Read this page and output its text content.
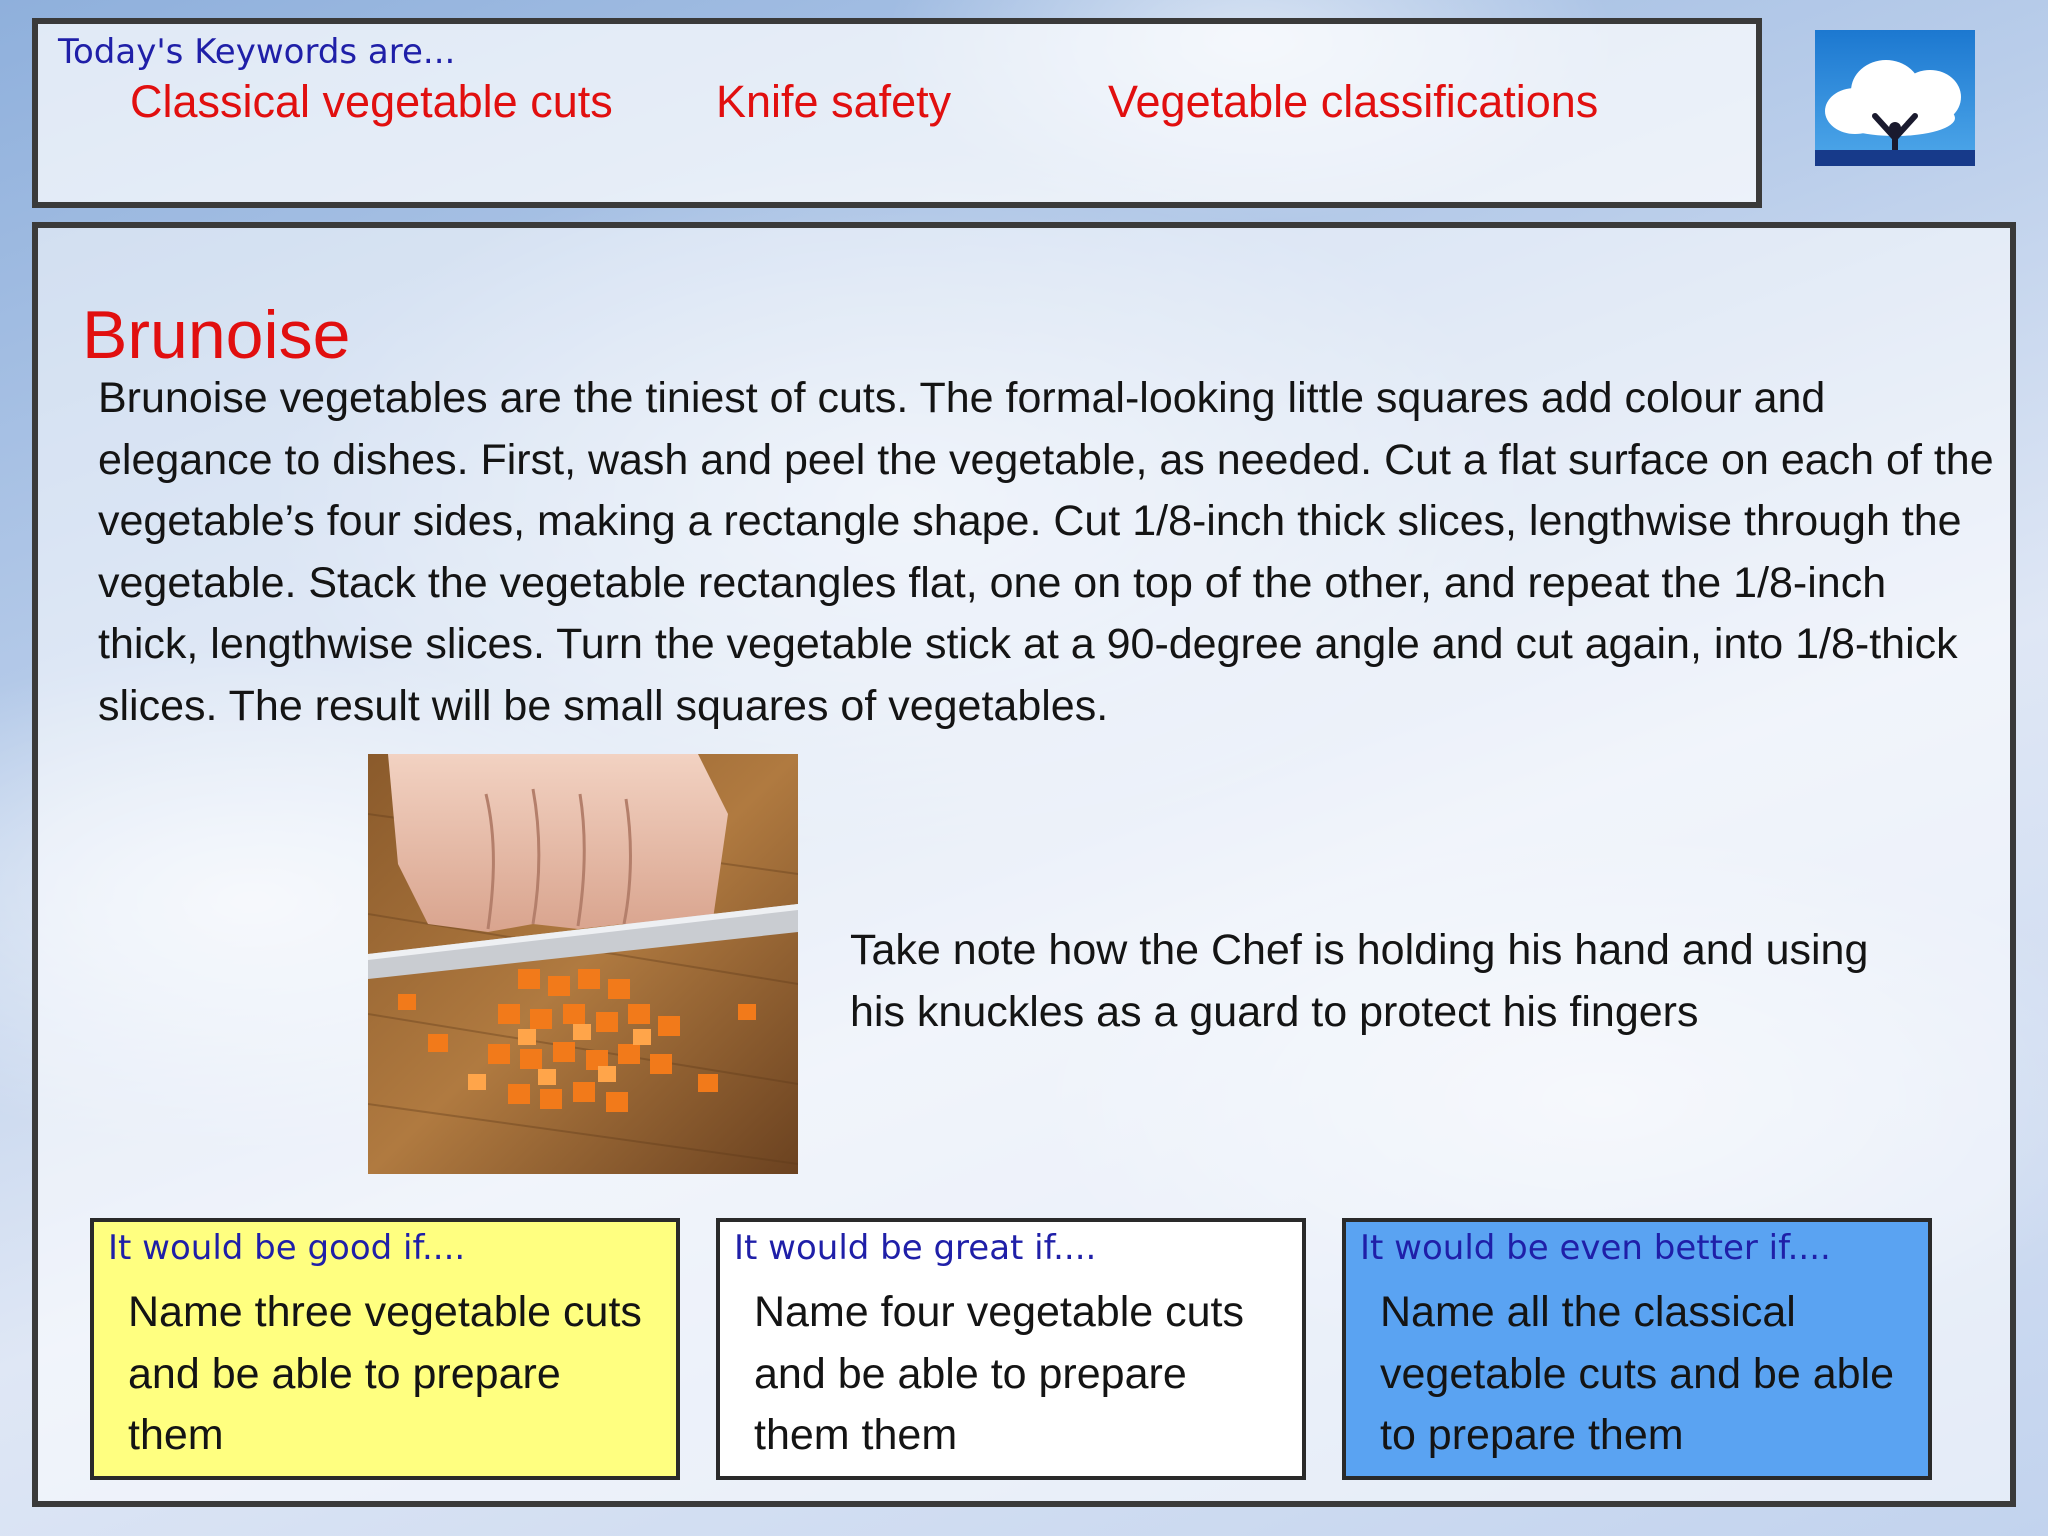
Today's Keywords are...
Classical vegetable cuts Knife safety	Vegetable classifications
Brunoise

Brunoise vegetables are the tiniest of cuts. The formal-looking little squares add colour and elegance to dishes. First, wash and peel the vegetable, as needed. Cut a flat surface on each of the vegetable’s four sides, making a rectangle shape. Cut 1/8-inch thick slices, lengthwise through the vegetable. Stack the vegetable rectangles flat, one on top of the other, and repeat the 1/8-inch thick, lengthwise slices. Turn the vegetable stick at a 90-degree angle and cut again, into 1/8-thick slices. The result will be small squares of vegetables.

Take note how the Chef is holding his hand and using his knuckles as a guard to protect his fingers

It would be good if....
Name three vegetable cuts and be able to prepare them
It would be great if....
Name four vegetable cuts and be able to prepare them them
It would be even better if....
Name all the classical vegetable cuts and be able to prepare them
